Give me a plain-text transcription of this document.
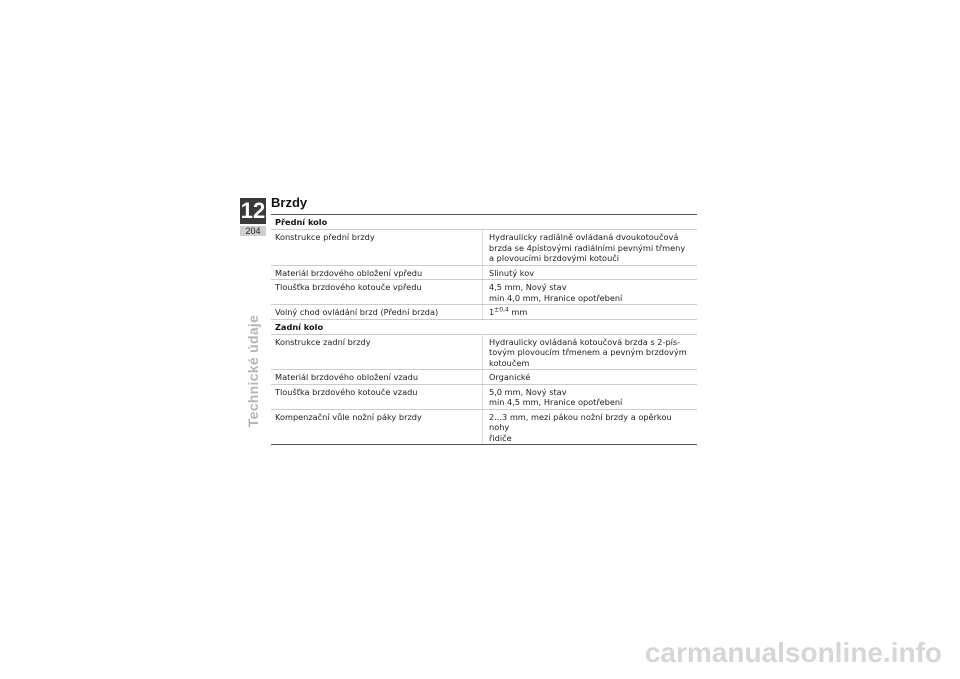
12
204
Technické údaje
Brzdy
Přední kolo
Konstrukce přední brzdy	Hydraulicky radiálně ovládaná dvoukotoučová
brzda se 4pístovými radiálními pevnými třmeny
a plovoucími brzdovými kotouči
Materiál brzdového obložení vpředu	Slinutý kov
Tloušťka brzdového kotouče vpředu	4,5 mm, Nový stav
min 4,0 mm, Hranice opotřebení
Volný chod ovládání brzd (Přední brzda)	$1^{\pm 0,4}$ mm
Zadní kolo
Konstrukce zadní brzdy	Hydraulicky ovládaná kotoučová brzda s 2-pís-
tovým plovoucím třmenem a pevným brzdovým
kotoučem
Materiál brzdového obložení vzadu	Organické
Tloušťka brzdového kotouče vzadu	5,0 mm, Nový stav
min 4,5 mm, Hranice opotřebení
Kompenzační vůle nožní páky brzdy	2...3 mm, mezi pákou nožní brzdy a opěrkou nohy
řidiče
carmanualsonline.info
